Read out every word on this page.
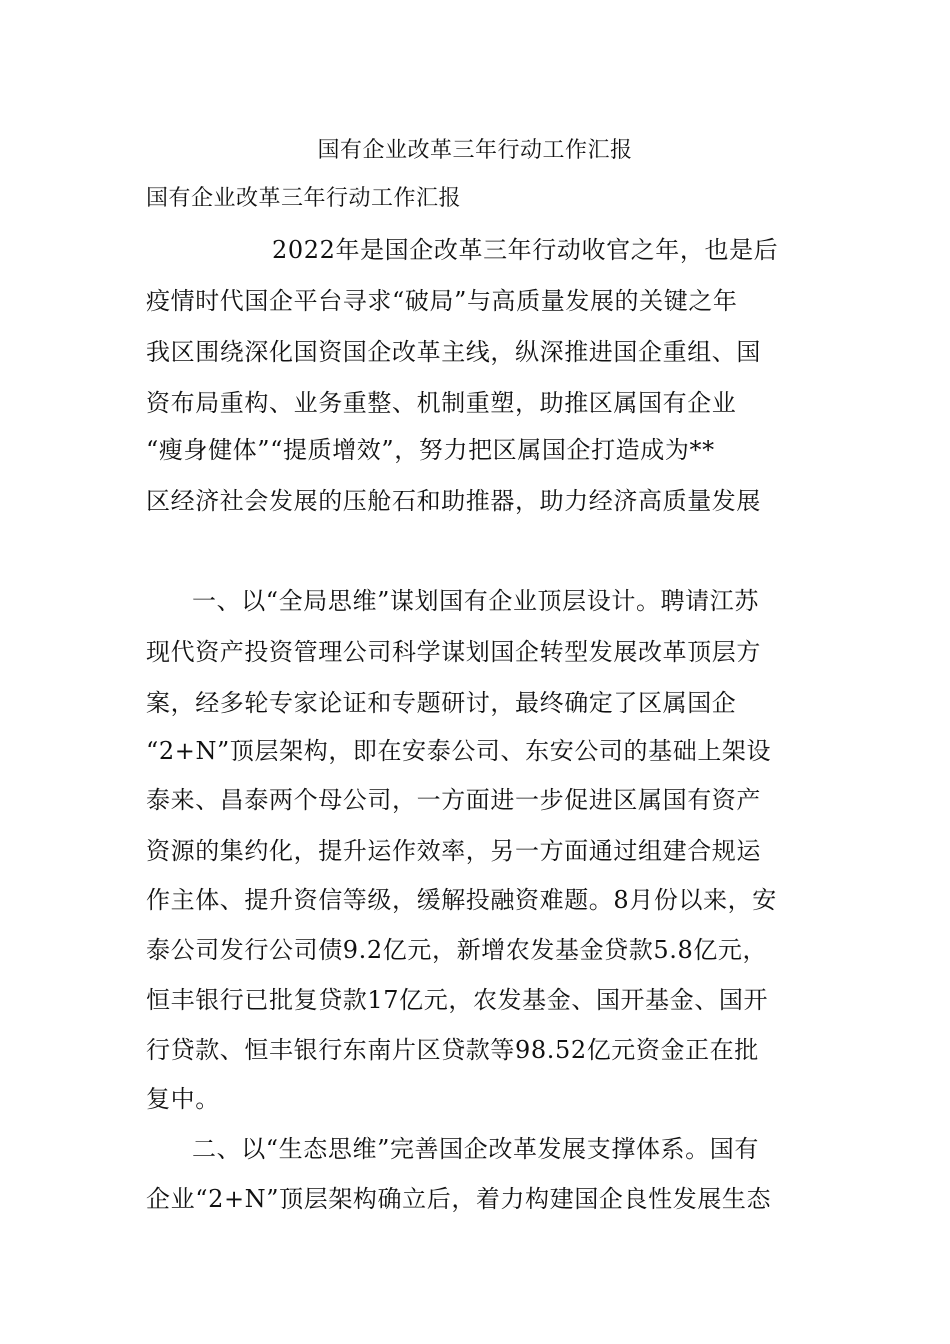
国有企业改革三年行动工作汇报
国有企业改革三年行动工作汇报

2022年是国企改革三年行动收官之年，也是后

疫情时代国企平台寻求“破局”与高质量发展的关键之年

我区围绕深化国资国企改革主线，纵深推进国企重组、国

资布局重构、业务重整、机制重塑，助推区属国有企业

“瘦身健体”“提质增效”，努力把区属国企打造成为**

区经济社会发展的压舱石和助推器，助力经济高质量发展

一、以“全局思维”谋划国有企业顶层设计。聘请江苏

现代资产投资管理公司科学谋划国企转型发展改革顶层方

案，经多轮专家论证和专题研讨，最终确定了区属国企

“2+N”顶层架构，即在安泰公司、东安公司的基础上架设

泰来、昌泰两个母公司，一方面进一步促进区属国有资产

资源的集约化，提升运作效率，另一方面通过组建合规运

作主体、提升资信等级，缓解投融资难题。8月份以来，安

泰公司发行公司债9.2亿元，新增农发基金贷款5.8亿元，

恒丰银行已批复贷款17亿元，农发基金、国开基金、国开

行贷款、恒丰银行东南片区贷款等98.52亿元资金正在批

复中。

二、以“生态思维”完善国企改革发展支撑体系。国有

企业“2+N”顶层架构确立后，着力构建国企良性发展生态
